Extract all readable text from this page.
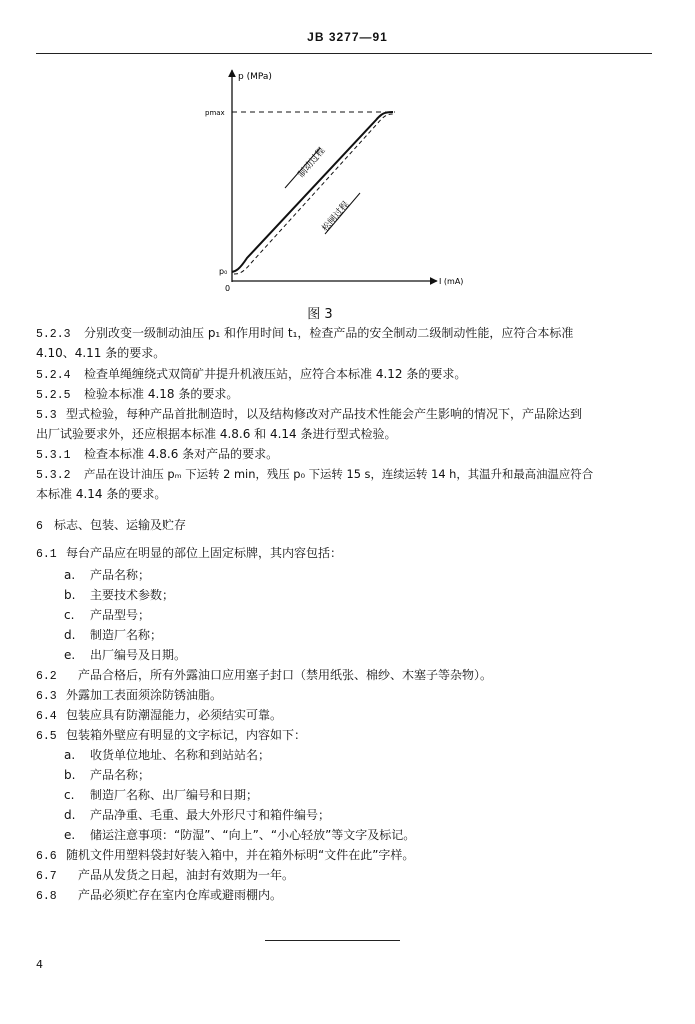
JB 3277—91
p (MPa)
pmax
p₀
0
I (mA)
制动过程
松闸过程
图 3
5.2.3 分别改变一级制动油压 p₁ 和作用时间 t₁，检查产品的安全制动二级制动性能，应符合本标准
4.10、4.11 条的要求。
5.2.4 检查单绳缠绕式双筒矿井提升机液压站，应符合本标准 4.12 条的要求。
5.2.5 检验本标准 4.18 条的要求。
5.3 型式检验，每种产品首批制造时，以及结构修改对产品技术性能会产生影响的情况下，产品除达到
出厂试验要求外，还应根据本标准 4.8.6 和 4.14 条进行型式检验。
5.3.1 检查本标准 4.8.6 条对产品的要求。
5.3.2 产品在设计油压 pₘ 下运转 2 min，残压 p₀ 下运转 15 s，连续运转 14 h，其温升和最高油温应符合
本标准 4.14 条的要求。
6 标志、包装、运输及贮存
6.1 每台产品应在明显的部位上固定标牌，其内容包括：
a. 产品名称；
b. 主要技术参数；
c. 产品型号；
d. 制造厂名称；
e. 出厂编号及日期。
6.2 产品合格后，所有外露油口应用塞子封口（禁用纸张、棉纱、木塞子等杂物）。
6.3 外露加工表面须涂防锈油脂。
6.4 包装应具有防潮湿能力，必须结实可靠。
6.5 包装箱外壁应有明显的文字标记，内容如下：
a. 收货单位地址、名称和到站站名；
b. 产品名称；
c. 制造厂名称、出厂编号和日期；
d. 产品净重、毛重、最大外形尺寸和箱件编号；
e. 储运注意事项：“防湿”、“向上”、“小心轻放”等文字及标记。
6.6 随机文件用塑料袋封好装入箱中，并在箱外标明“文件在此”字样。
6.7 产品从发货之日起，油封有效期为一年。
6.8 产品必须贮存在室内仓库或避雨棚内。
4
